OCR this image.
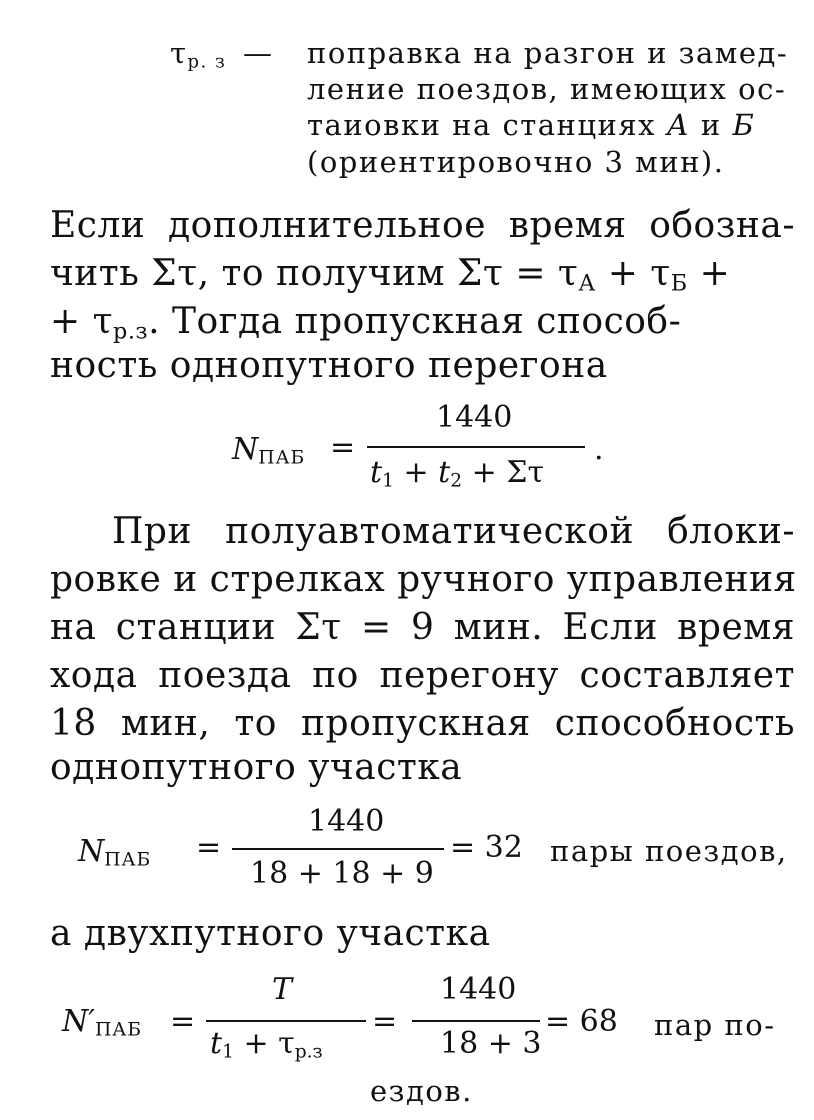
$\tau_{р. з}$ — поправка на разгон и замед-
ление поездов, имеющих ос-
таиовки на станциях А и Б
(ориентировочно 3 мин).
Если дополнительное время обозна-
чить Στ, то получим $\Sigma\tau = \tau_А + \tau_Б$ +
+ $\tau_{р.з}$. Тогда пропускная способ-
ность однопутного перегона
$N_{ПАБ}$ =
1440
$t_1 + t_2 + \Sigma\tau$
.
При полуавтоматической блоки-
ровке и стрелках ручного управления
на станции Στ = 9 мин. Если время
хода поезда по перегону составляет
18 мин, то пропускная способность
однопутного участка
$N_{ПАБ}$ =
1440
18 + 18 + 9
= 32 пары поездов,
а двухпутного участка
$N'_{ПАБ}$ =
T
$t_1 + \tau_{р.з}$
=
1440
18 + 3
= 68 пар по-
ездов.
